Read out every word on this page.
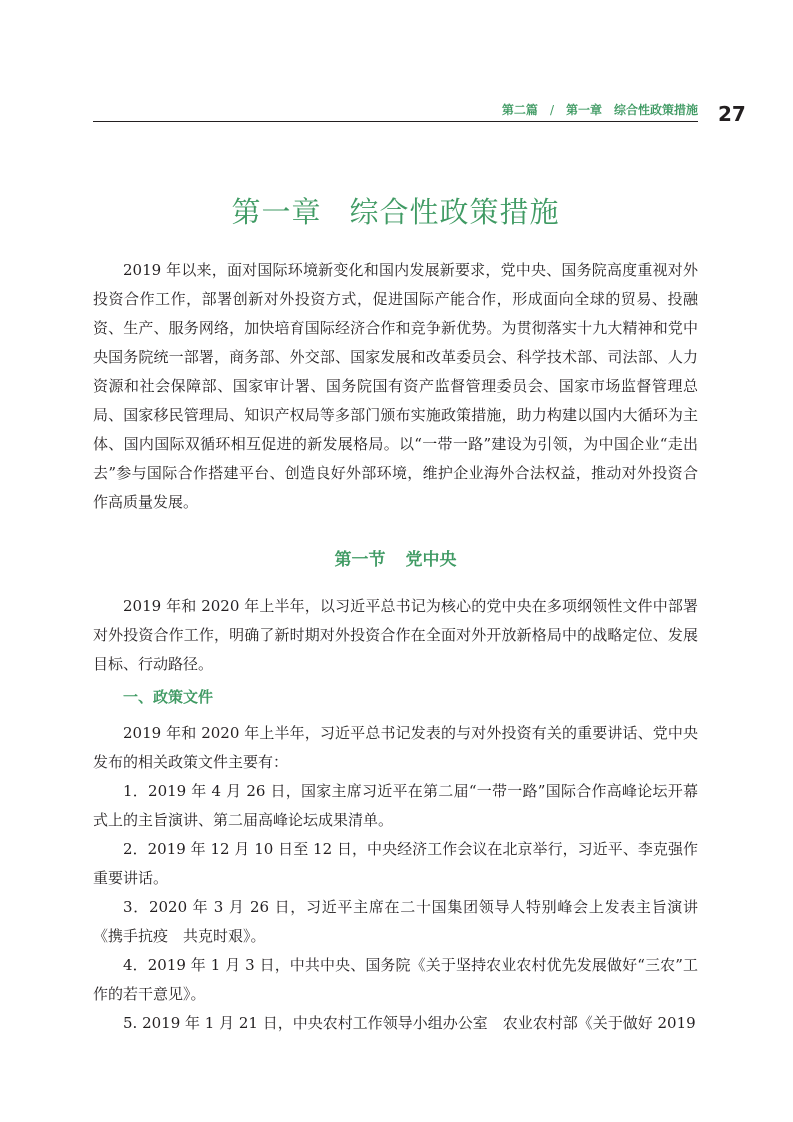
第二篇 / 第一章　综合性政策措施 27
第一章 综合性政策措施

2019 年以来，面对国际环境新变化和国内发展新要求，党中央、国务院高度重视对外投资合作工作，部署创新对外投资方式，促进国际产能合作，形成面向全球的贸易、投融资、生产、服务网络，加快培育国际经济合作和竞争新优势。为贯彻落实十九大精神和党中央国务院统一部署，商务部、外交部、国家发展和改革委员会、科学技术部、司法部、人力资源和社会保障部、国家审计署、国务院国有资产监督管理委员会、国家市场监督管理总局、国家移民管理局、知识产权局等多部门颁布实施政策措施，助力构建以国内大循环为主体、国内国际双循环相互促进的新发展格局。以“一带一路”建设为引领，为中国企业“走出去”参与国际合作搭建平台、创造良好外部环境，维护企业海外合法权益，推动对外投资合作高质量发展。

第一节 党中央

2019 年和 2020 年上半年，以习近平总书记为核心的党中央在多项纲领性文件中部署对外投资合作工作，明确了新时期对外投资合作在全面对外开放新格局中的战略定位、发展目标、行动路径。

一、政策文件

2019 年和 2020 年上半年，习近平总书记发表的与对外投资有关的重要讲话、党中央发布的相关政策文件主要有：

1．2019 年 4 月 26 日，国家主席习近平在第二届“一带一路”国际合作高峰论坛开幕式上的主旨演讲、第二届高峰论坛成果清单。

2．2019 年 12 月 10 日至 12 日，中央经济工作会议在北京举行，习近平、李克强作重要讲话。

3．2020 年 3 月 26 日，习近平主席在二十国集团领导人特别峰会上发表主旨演讲《携手抗疫　共克时艰》。

4．2019 年 1 月 3 日，中共中央、国务院《关于坚持农业农村优先发展做好“三农”工作的若干意见》。

5. 2019 年 1 月 21 日，中央农村工作领导小组办公室　农业农村部《关于做好 2019
